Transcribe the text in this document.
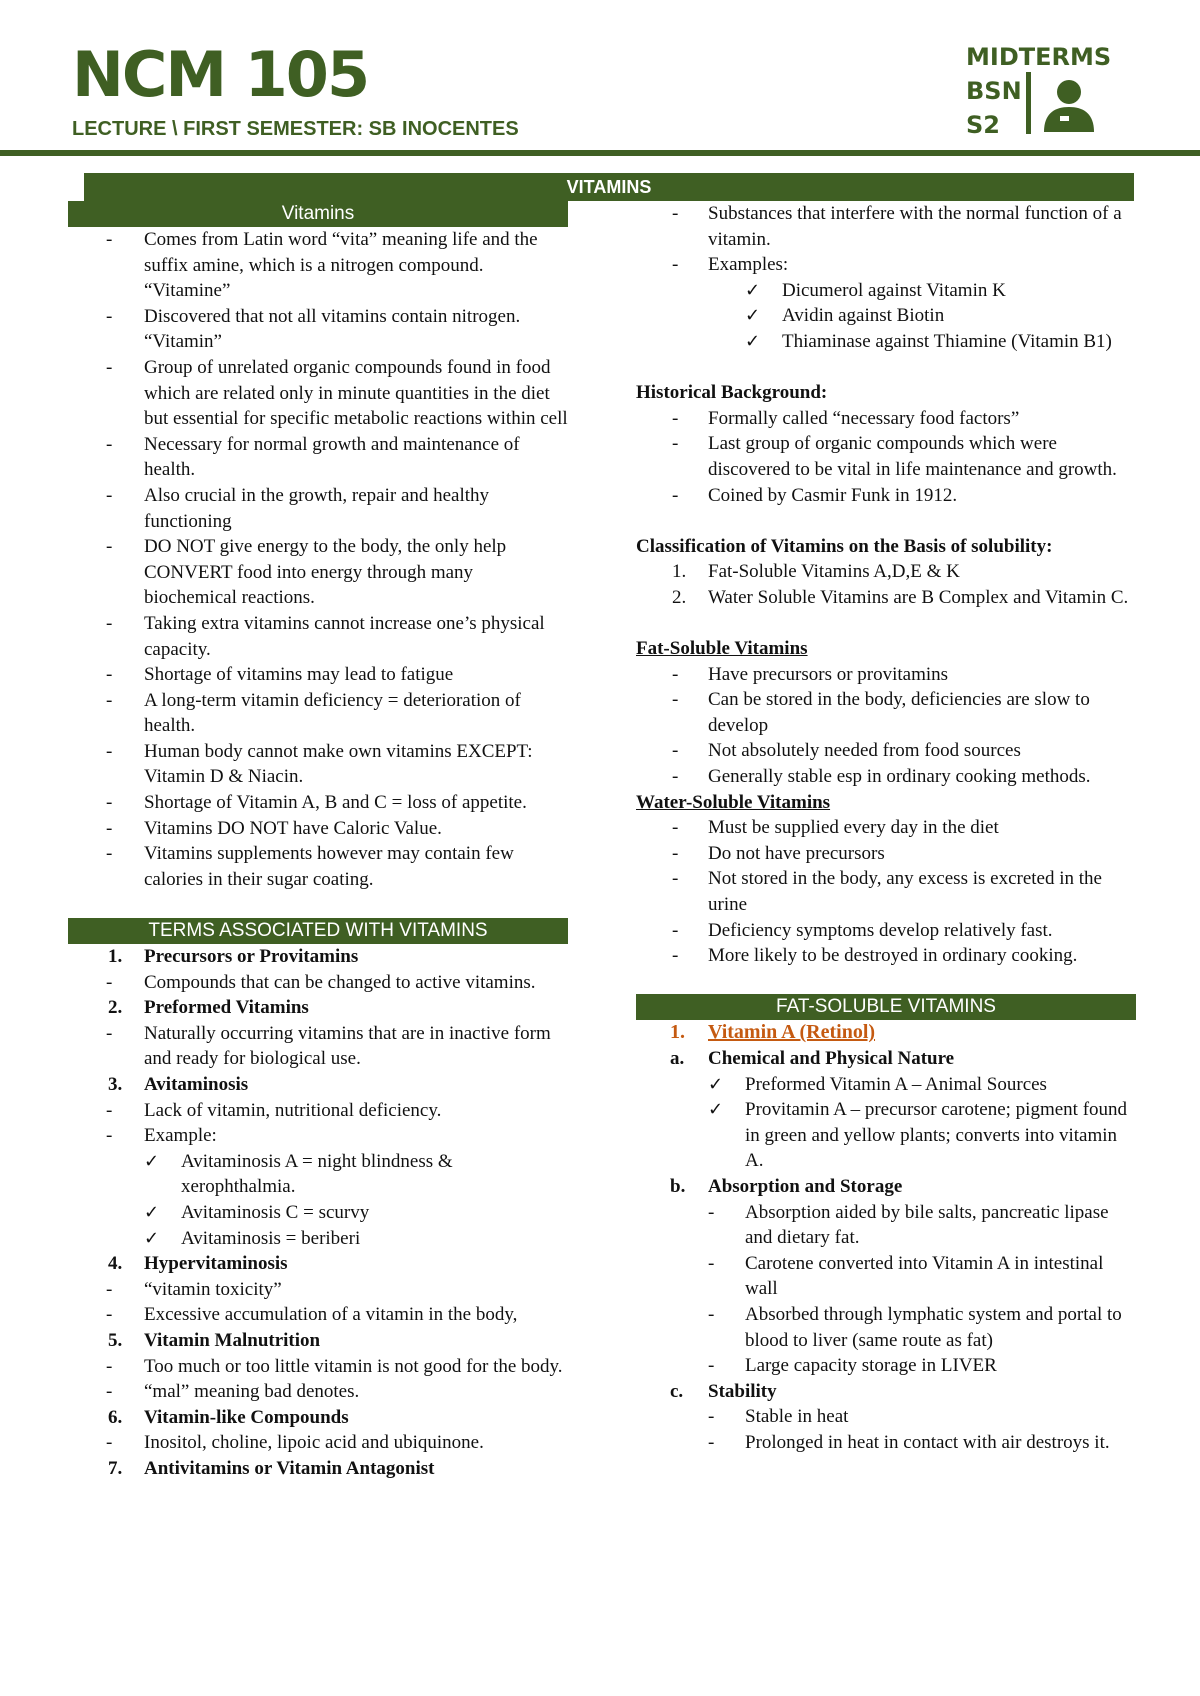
NCM 105
LECTURE \ FIRST SEMESTER: SB INOCENTES
MIDTERMS
BSN
S2
VITAMINS
Vitamins
- Comes from Latin word “vita” meaning life and the suffix amine, which is a nitrogen compound. “Vitamine”
- Discovered that not all vitamins contain nitrogen. “Vitamin”
- Group of unrelated organic compounds found in food which are related only in minute quantities in the diet but essential for specific metabolic reactions within cell
- Necessary for normal growth and maintenance of health.
- Also crucial in the growth, repair and healthy functioning
- DO NOT give energy to the body, the only help CONVERT food into energy through many biochemical reactions.
- Taking extra vitamins cannot increase one’s physical capacity.
- Shortage of vitamins may lead to fatigue
- A long-term vitamin deficiency = deterioration of health.
- Human body cannot make own vitamins EXCEPT: Vitamin D & Niacin.
- Shortage of Vitamin A, B and C = loss of appetite.
- Vitamins DO NOT have Caloric Value.
- Vitamins supplements however may contain few calories in their sugar coating.
TERMS ASSOCIATED WITH VITAMINS
1. Precursors or Provitamins
- Compounds that can be changed to active vitamins.
2. Preformed Vitamins
- Naturally occurring vitamins that are in inactive form and ready for biological use.
3. Avitaminosis
- Lack of vitamin, nutritional deficiency.
- Example:
✓ Avitaminosis A = night blindness & xerophthalmia.
✓ Avitaminosis C = scurvy
✓ Avitaminosis = beriberi
4. Hypervitaminosis
- “vitamin toxicity”
- Excessive accumulation of a vitamin in the body,
5. Vitamin Malnutrition
- Too much or too little vitamin is not good for the body.
- “mal” meaning bad denotes.
6. Vitamin-like Compounds
- Inositol, choline, lipoic acid and ubiquinone.
7. Antivitamins or Vitamin Antagonist
- Substances that interfere with the normal function of a vitamin.
- Examples:
✓ Dicumerol against Vitamin K
✓ Avidin against Biotin
✓ Thiaminase against Thiamine (Vitamin B1)
Historical Background:
- Formally called “necessary food factors”
- Last group of organic compounds which were discovered to be vital in life maintenance and growth.
- Coined by Casmir Funk in 1912.
Classification of Vitamins on the Basis of solubility:
1. Fat-Soluble Vitamins A,D,E & K
2. Water Soluble Vitamins are B Complex and Vitamin C.
Fat-Soluble Vitamins
- Have precursors or provitamins
- Can be stored in the body, deficiencies are slow to develop
- Not absolutely needed from food sources
- Generally stable esp in ordinary cooking methods.
Water-Soluble Vitamins
- Must be supplied every day in the diet
- Do not have precursors
- Not stored in the body, any excess is excreted in the urine
- Deficiency symptoms develop relatively fast.
- More likely to be destroyed in ordinary cooking.
FAT-SOLUBLE VITAMINS
1. Vitamin A (Retinol)
a. Chemical and Physical Nature
✓ Preformed Vitamin A – Animal Sources
✓ Provitamin A – precursor carotene; pigment found in green and yellow plants; converts into vitamin A.
b. Absorption and Storage
- Absorption aided by bile salts, pancreatic lipase and dietary fat.
- Carotene converted into Vitamin A in intestinal wall
- Absorbed through lymphatic system and portal to blood to liver (same route as fat)
- Large capacity storage in LIVER
c. Stability
- Stable in heat
- Prolonged in heat in contact with air destroys it.
